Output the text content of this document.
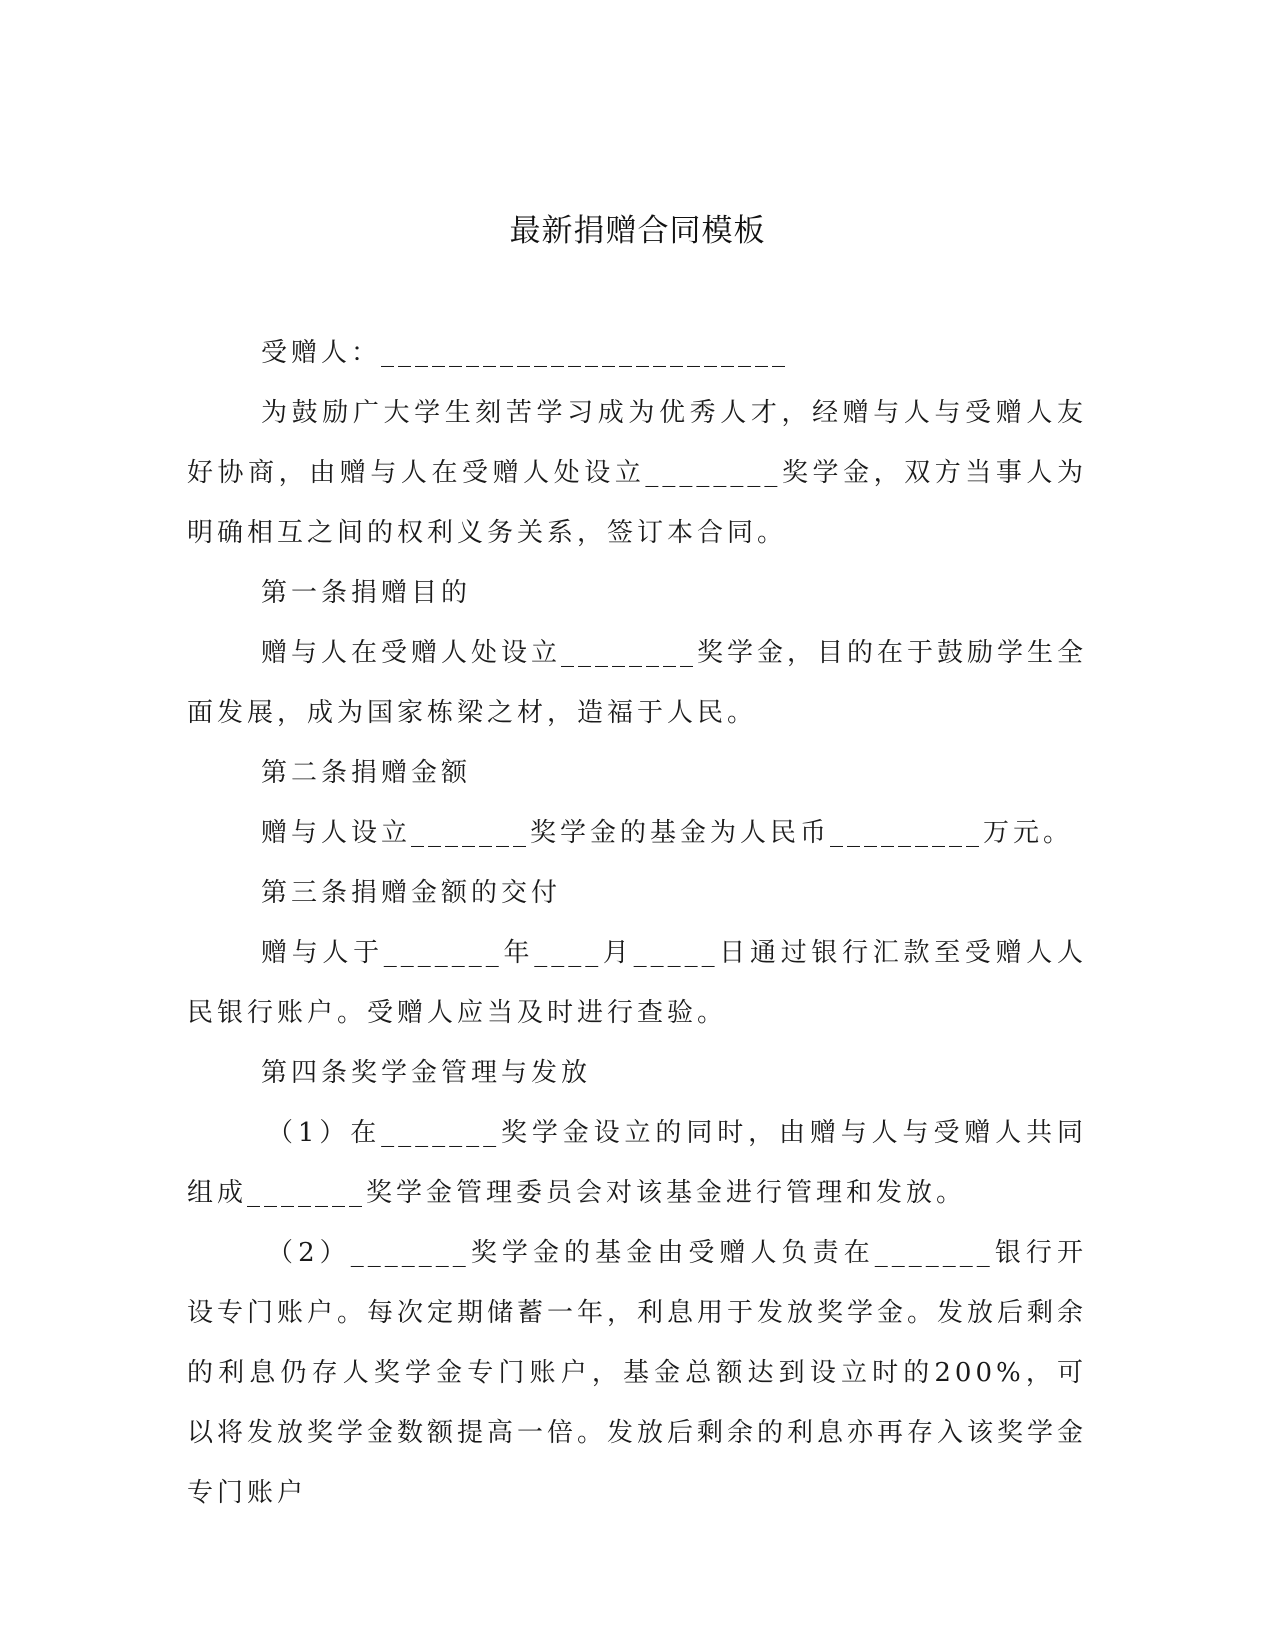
最新捐赠合同模板

受赠人：________________________

为鼓励广大学生刻苦学习成为优秀人才，经赠与人与受赠人友好协商，由赠与人在受赠人处设立________奖学金，双方当事人为明确相互之间的权利义务关系，签订本合同。

第一条捐赠目的

赠与人在受赠人处设立________奖学金，目的在于鼓励学生全面发展，成为国家栋梁之材，造福于人民。

第二条捐赠金额

赠与人设立_______奖学金的基金为人民币_________万元。

第三条捐赠金额的交付

赠与人于_______年____月_____日通过银行汇款至受赠人人民银行账户。受赠人应当及时进行查验。

第四条奖学金管理与发放

（1）在_______奖学金设立的同时，由赠与人与受赠人共同组成_______奖学金管理委员会对该基金进行管理和发放。

（2）_______奖学金的基金由受赠人负责在_______银行开设专门账户。每次定期储蓄一年，利息用于发放奖学金。发放后剩余的利息仍存人奖学金专门账户，基金总额达到设立时的200%，可以将发放奖学金数额提高一倍。发放后剩余的利息亦再存入该奖学金专门账户
